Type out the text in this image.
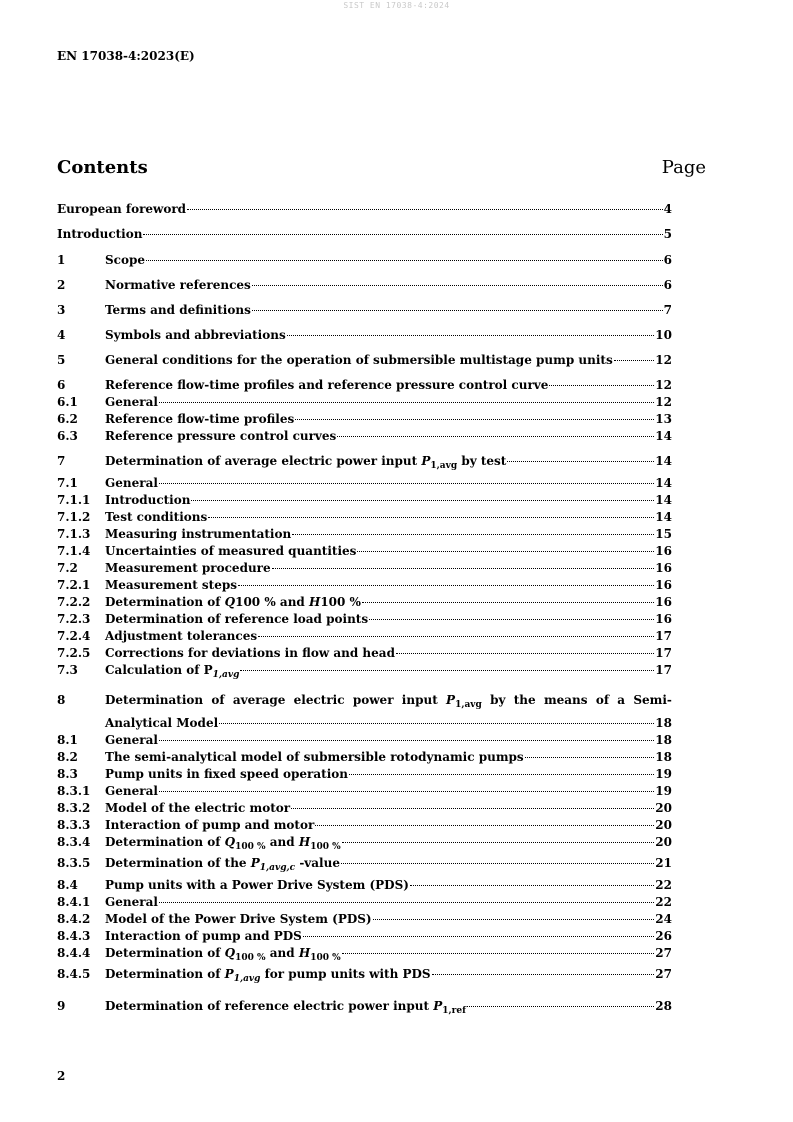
SIST EN 17038-4:2024
EN 17038-4:2023(E)
Contents	Page
European foreword	4
Introduction	5
1	Scope	6
2	Normative references	6
3	Terms and definitions	7
4	Symbols and abbreviations	10
5	General conditions for the operation of submersible multistage pump units	12
6	Reference flow-time profiles and reference pressure control curve	12
6.1 General	12
6.2 Reference flow-time profiles	13
6.3 Reference pressure control curves	14
7	Determination of average electric power input $P_{1,avg}$ by test	14
7.1 General	14
7.1.1 Introduction	14
7.1.2 Test conditions	14
7.1.3 Measuring instrumentation	15
7.1.4 Uncertainties of measured quantities	16
7.2 Measurement procedure	16
7.2.1 Measurement steps	16
7.2.2 Determination of Q100 % and H100 %	16
7.2.3 Determination of reference load points	16
7.2.4 Adjustment tolerances	17
7.2.5 Corrections for deviations in flow and head	17
7.3 Calculation of $P_{1,avg}$	17
8	Determination of average electric power input $P_{1,avg}$ by the means of a Semi-
Analytical Model	18
8.1 General	18
8.2 The semi-analytical model of submersible rotodynamic pumps	18
8.3 Pump units in fixed speed operation	19
8.3.1 General	19
8.3.2 Model of the electric motor	20
8.3.3 Interaction of pump and motor	20
8.3.4 Determination of $Q_{100 \%}$ and $H_{100 \%}$	20
8.3.5 Determination of the $P_{1,avg,c}$ -value	21
8.4 Pump units with a Power Drive System (PDS)	22
8.4.1 General	22
8.4.2 Model of the Power Drive System (PDS)	24
8.4.3 Interaction of pump and PDS	26
8.4.4 Determination of $Q_{100 \%}$ and $H_{100 \%}$	27
8.4.5 Determination of $P_{1,avg}$ for pump units with PDS	27
9	Determination of reference electric power input $P_{1,ref}$	28
2
